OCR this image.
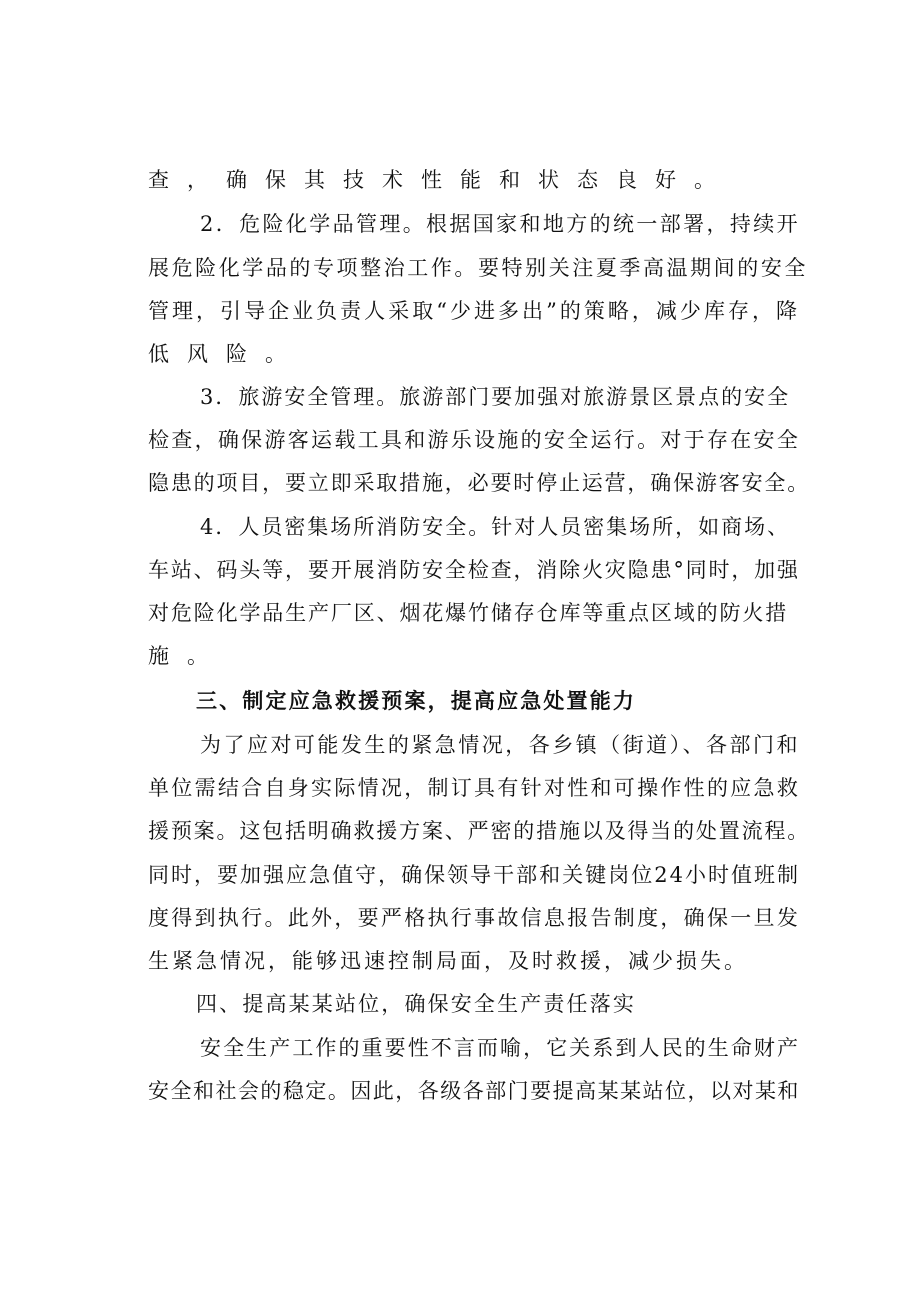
查，确保其技术性能和状态良好。
2．危险化学品管理。根据国家和地方的统一部署，持续开
展危险化学品的专项整治工作。要特别关注夏季高温期间的安全
管理，引导企业负责人采取“少进多出”的策略，减少库存，降
低风险。
3．旅游安全管理。旅游部门要加强对旅游景区景点的安全
检查，确保游客运载工具和游乐设施的安全运行。对于存在安全
隐患的项目，要立即采取措施，必要时停止运营，确保游客安全。
4．人员密集场所消防安全。针对人员密集场所，如商场、
车站、码头等，要开展消防安全检查，消除火灾隐患°同时，加强
对危险化学品生产厂区、烟花爆竹储存仓库等重点区域的防火措
施。
三、制定应急救援预案，提高应急处置能力
为了应对可能发生的紧急情况，各乡镇（街道）、各部门和
单位需结合自身实际情况，制订具有针对性和可操作性的应急救
援预案。这包括明确救援方案、严密的措施以及得当的处置流程。
同时，要加强应急值守，确保领导干部和关键岗位24小时值班制
度得到执行。此外，要严格执行事故信息报告制度，确保一旦发
生紧急情况，能够迅速控制局面，及时救援，减少损失。
四、提高某某站位，确保安全生产责任落实
安全生产工作的重要性不言而喻，它关系到人民的生命财产
安全和社会的稳定。因此，各级各部门要提高某某站位，以对某和
